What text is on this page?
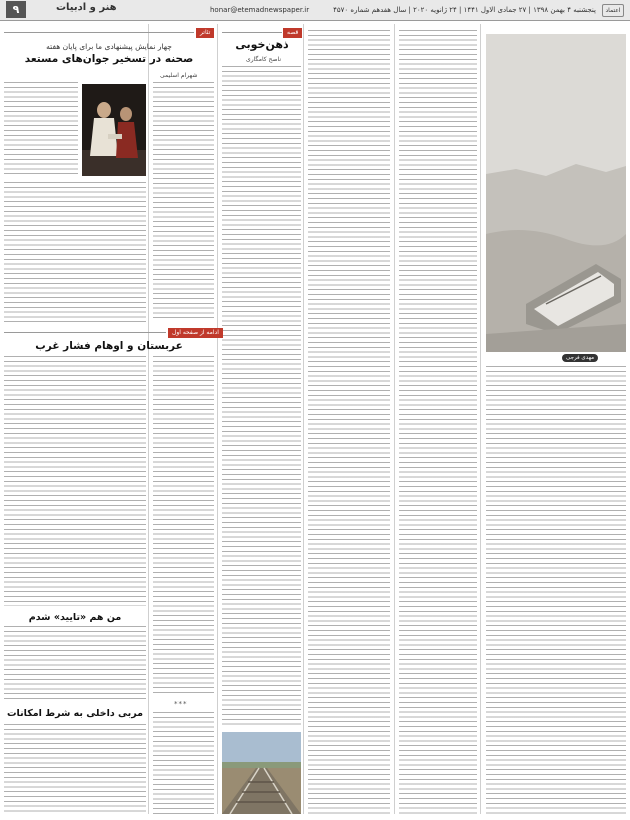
اعتماد
پنجشنبه ۴ بهمن ۱۳۹۸ | ۲۷ جمادی الاول ۱۴۴۱ | ۲۴ ژانویه ۲۰۲۰ | سال هفدهم شماره ۴۵۷۰
honar@etemadnewspaper.ir
هنر و ادبیات
۹
مهدی فرجی
قصه
ذهن‌خوبی
ناصح کامگاری
تئاتر
چهار نمایش پیشنهادی ما برای پایان هفته
صحنه در تسخیر جوان‌های مستعد
شهرام اسلیمی
ادامه از صفحه اول
عربستان و اوهام فشار غرب
من هم «تایید» شدم
***
مربی داخلی به شرط امکانات
